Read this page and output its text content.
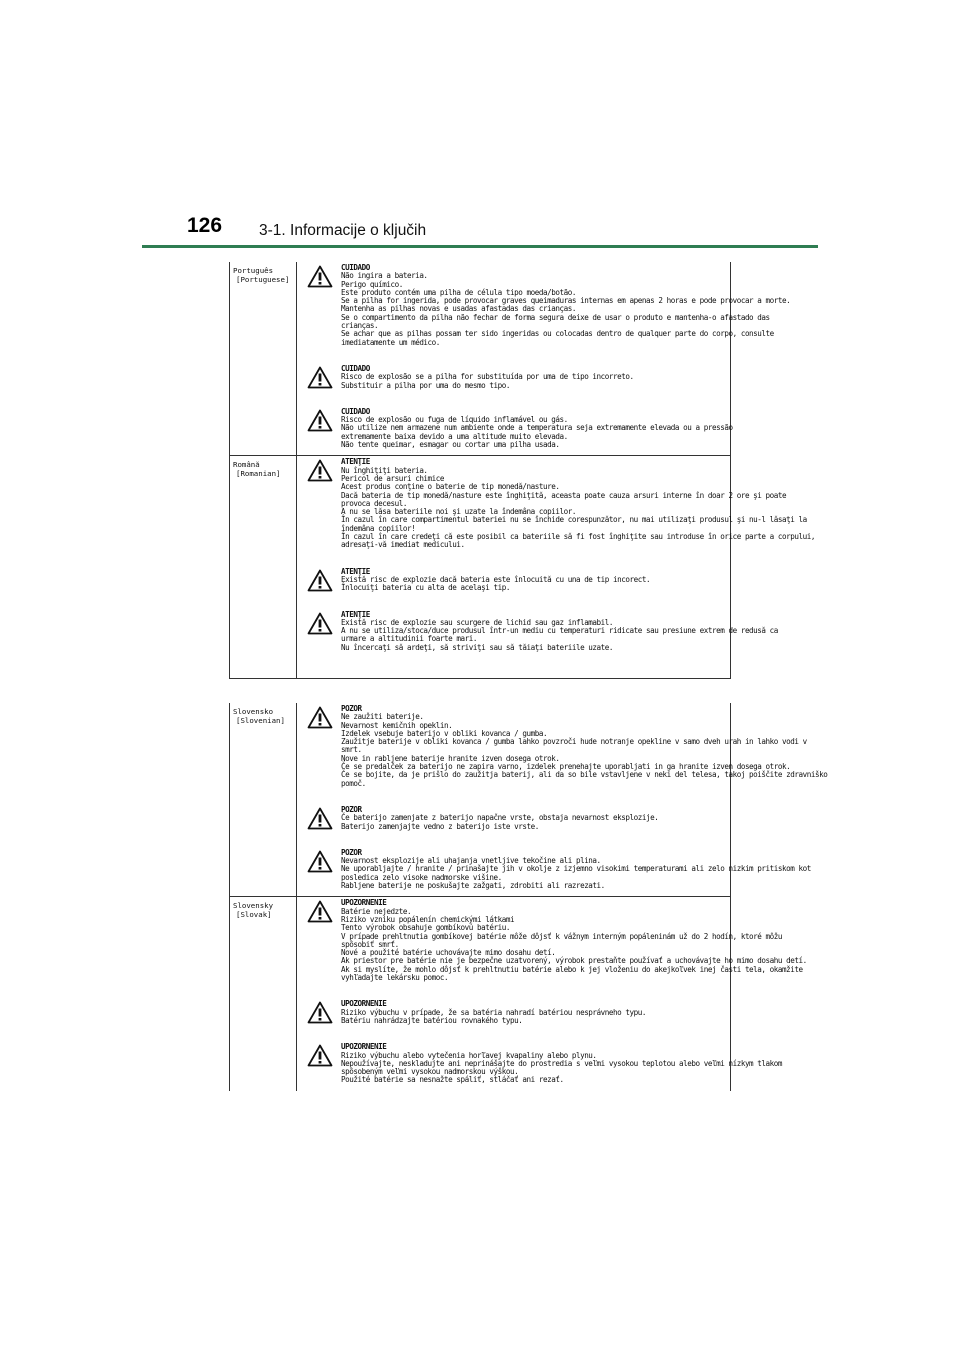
126 3-1. Informacije o ključih
Português
[Portuguese]
CUIDADO
Não ingira a bateria.
Perigo químico.
Este produto contém uma pilha de célula tipo moeda/botão.
Se a pilha for ingerida, pode provocar graves queimaduras internas em apenas 2 horas e pode provocar a morte.
Mantenha as pilhas novas e usadas afastadas das crianças.
Se o compartimento da pilha não fechar de forma segura deixe de usar o produto e mantenha-o afastado das
crianças.
Se achar que as pilhas possam ter sido ingeridas ou colocadas dentro de qualquer parte do corpo, consulte
imediatamente um médico.
CUIDADO
Risco de explosão se a pilha for substituída por uma de tipo incorreto.
Substituir a pilha por uma do mesmo tipo.
CUIDADO
Risco de explosão ou fuga de líquido inflamável ou gás.
Não utilize nem armazene num ambiente onde a temperatura seja extremamente elevada ou a pressão
extremamente baixa devido a uma altitude muito elevada.
Não tente queimar, esmagar ou cortar uma pilha usada.
Română
[Romanian]
ATENŢIE
Nu înghiţiţi bateria.
Pericol de arsuri chimice
Acest produs conţine o baterie de tip monedă/nasture.
Dacă bateria de tip monedă/nasture este înghiţită, aceasta poate cauza arsuri interne în doar 2 ore şi poate
provoca decesul.
A nu se lăsa bateriile noi şi uzate la îndemâna copiilor.
În cazul în care compartimentul bateriei nu se închide corespunzător, nu mai utilizaţi produsul şi nu-l lăsaţi la
îndemâna copiilor!
În cazul în care credeţi că este posibil ca bateriile să fi fost înghiţite sau introduse în orice parte a corpului,
adresaţi-vă imediat medicului.
ATENŢIE
Există risc de explozie dacă bateria este înlocuită cu una de tip incorect.
Înlocuiţi bateria cu alta de acelaşi tip.
ATENŢIE
Există risc de explozie sau scurgere de lichid sau gaz inflamabil.
A nu se utiliza/stoca/duce produsul într-un mediu cu temperaturi ridicate sau presiune extrem de redusă ca
urmare a altitudinii foarte mari.
Nu încercaţi să ardeţi, să striviţi sau să tăiaţi bateriile uzate.
Slovensko
[Slovenian]
POZOR
Ne zaužiti baterije.
Nevarnost kemičnih opeklin.
Izdelek vsebuje baterijo v obliki kovanca / gumba.
Zaužitje baterije v obliki kovanca / gumba lahko povzroči hude notranje opekline v samo dveh urah in lahko vodi v
smrt.
Nove in rabljene baterije hranite izven dosega otrok.
Če se predalček za baterijo ne zapira varno, izdelek prenehajte uporabljati in ga hranite izven dosega otrok.
Če se bojite, da je prišlo do zaužitja baterij, ali da so bile vstavljene v neki del telesa, takoj poiščite zdravniško
pomoč.
POZOR
Če baterijo zamenjate z baterijo napačne vrste, obstaja nevarnost eksplozije.
Baterijo zamenjajte vedno z baterijo iste vrste.
POZOR
Nevarnost eksplozije ali uhajanja vnetljive tekočine ali plina.
Ne uporabljajte / hranite / prinašajte jih v okolje z izjemno visokimi temperaturami ali zelo nizkim pritiskom kot
posledica zelo visoke nadmorske višine.
Rabljene baterije ne poskušajte zažgati, zdrobiti ali razrezati.
Slovensky
[Slovak]
UPOZORNENIE
Batérie nejedzte.
Riziko vzniku popálenín chemickými látkami
Tento výrobok obsahuje gombíkovú batériu.
V prípade prehltnutia gombíkovej batérie môže dôjsť k vážnym interným popáleninám už do 2 hodín, ktoré môžu
spôsobiť smrť.
Nové a použité batérie uchovávajte mimo dosahu detí.
Ak priestor pre batérie nie je bezpečne uzatvorený, výrobok prestaňte používať a uchovávajte ho mimo dosahu detí.
Ak si myslíte, že mohlo dôjsť k prehltnutiu batérie alebo k jej vloženiu do akejkoľvek inej časti tela, okamžite
vyhľadajte lekársku pomoc.
UPOZORNENIE
Riziko výbuchu v prípade, že sa batéria nahradí batériou nesprávneho typu.
Batériu nahrádzajte batériou rovnakého typu.
UPOZORNENIE
Riziko výbuchu alebo vytečenia horľavej kvapaliny alebo plynu.
Nepoužívajte, neskladujte ani neprinášajte do prostredia s veľmi vysokou teplotou alebo veľmi nízkym tlakom
spôsobeným veľmi vysokou nadmorskou výškou.
Použité batérie sa nesnažte spáliť, stláčať ani rezať.
